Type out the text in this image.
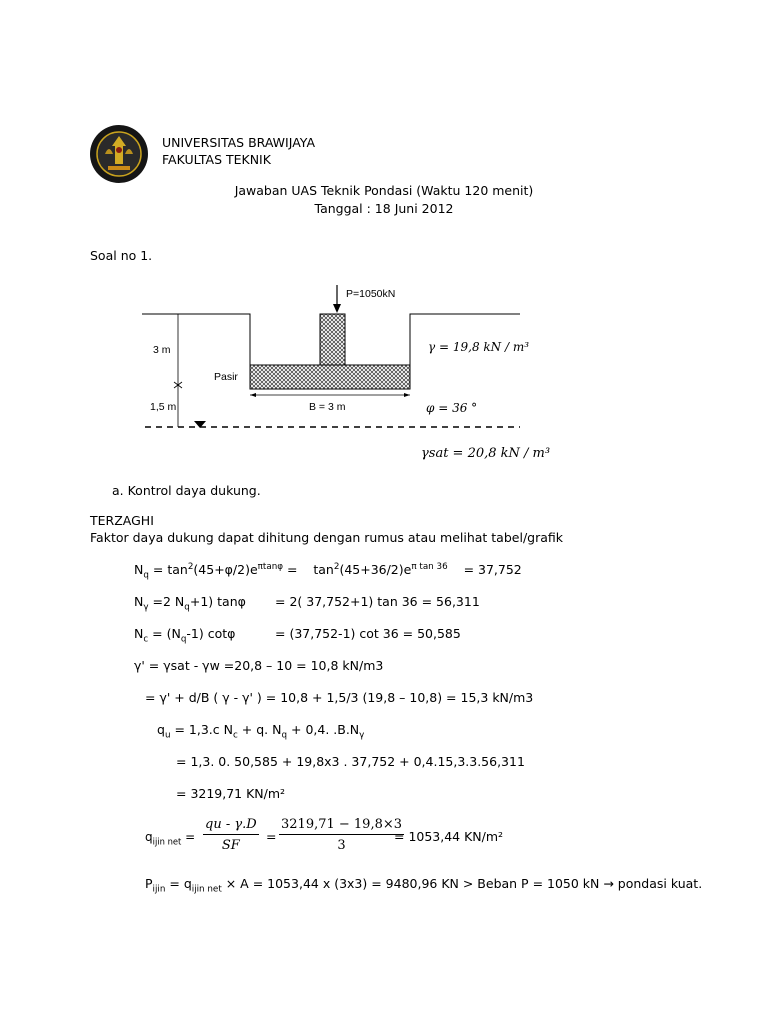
UNIVERSITAS BRAWIJAYA
FAKULTAS TEKNIK
Jawaban UAS Teknik Pondasi (Waktu 120 menit)
Tanggal : 18 Juni 2012
Soal no 1.
P=1050kN
3 m
1,5 m
Pasir
B = 3 m
γ = 19,8 kN / m³
φ = 36 °
γsat = 20,8 kN / m³
a. Kontrol daya dukung.
TERZAGHI
Faktor daya dukung dapat dihitung dengan rumus atau melihat tabel/grafik
$N_q = \tan^2(45+\varphi/2)e^{\pi tan\varphi}$ =    $\tan^2(45+36/2)e^{\pi tan 36} = 37,752$
$N_\gamma =2$ $N_q+1$) tanφ = 2( 37,752+1) tan 36 = 56,311
$N_c = (N_q-1)$ cotφ	= (37,752-1) cot 36 = 50,585
γ' = γsat - γw =20,8 – 10 = 10,8 kN/m3
= γ' + d/B ( γ - γ' ) = 10,8 + 1,5/3 (19,8 – 10,8) = 15,3 kN/m3
$q_u = 1,3.c$ $N_c + q$. $N_q + 0,4$. $.B.N_\gamma$
= 1,3. 0. 50,585 + 19,8x3 . 37,752 + 0,4.15,3.3.56,311
= 3219,71 KN/m²
$q_{ijin net} = \frac{qu - \gamma.D}{SF} = \frac{3219,71 - 19,8\times 3}{3}$
= 1053,44 KN/m²
$P_{ijin} = q_{ijin net} \times A = 1053,44$ x (3x3) = 9480,96 KN > Beban P = 1050 kN → pondasi kuat.
